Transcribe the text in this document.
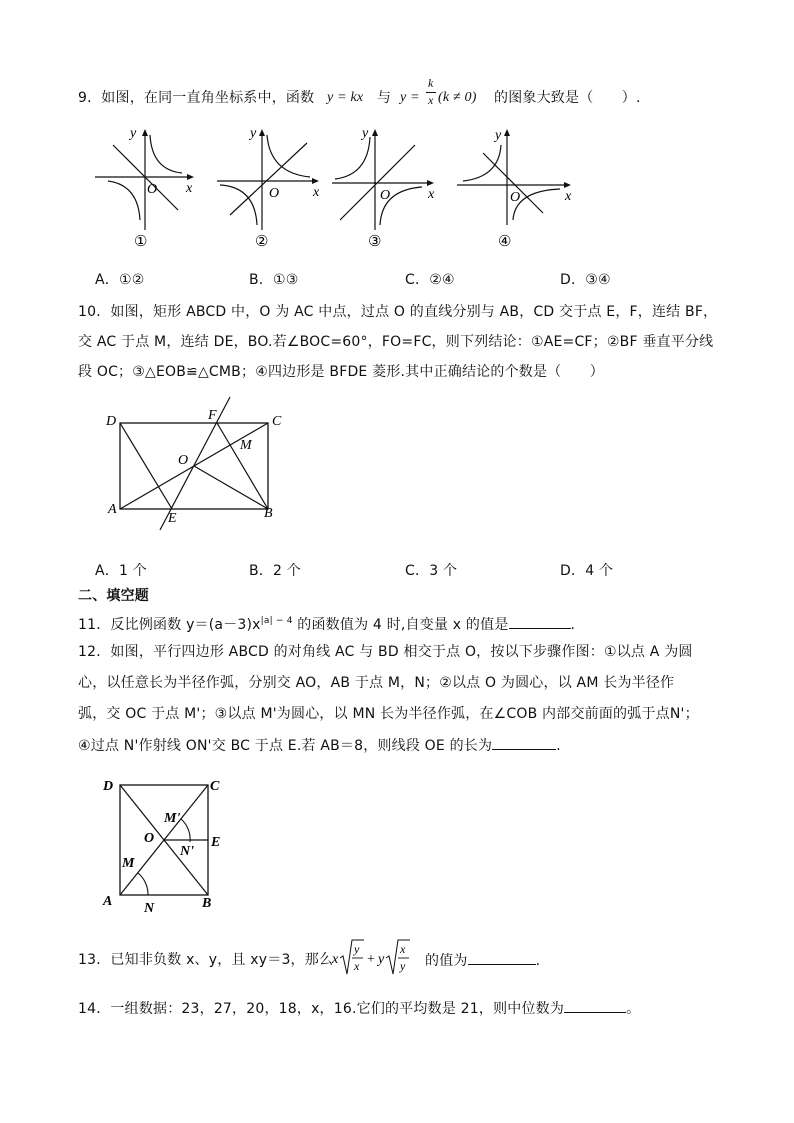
9．如图，在同一直角坐标系中，函数 y = kx 与 y =
k
x (k ≠ 0) 的图象大致是（　　）.
O x
y
①
O x
y
②
O	x
y
③
O	x
y
④
A．①②	B．①③	C．②④	D．③④
10．如图，矩形 ABCD 中，O 为 AC 中点，过点 O 的直线分别与 AB，CD 交于点 E，F，连结 BF，
交 AC 于点 M，连结 DE，BO.若∠BOC=60°，FO=FC，则下列结论：①AE=CF；②BF 垂直平分线
段 OC；③△EOB≌△CMB；④四边形是 BFDE 菱形.其中正确结论的个数是（　　）
D	F	C
M
O
A
E	B
A．1 个	B．2 个	C．3 个	D．4 个
二、填空题
11．反比例函数 $y=(a-3)x^{|a| - 4}$ 的函数值为 4 时,自变量 x 的值是	.
12．如图，平行四边形 ABCD 的对角线 AC 与 BD 相交于点 O，按以下步骤作图：①以点 A 为圆
心，以任意长为半径作弧，分别交 AO，AB 于点 M，N；②以点 O 为圆心，以 AM 长为半径作
弧，交 OC 于点 M'；③以点 M'为圆心，以 MN 长为半径作弧，在∠COB 内部交前面的弧于点N'；
④过点 N'作射线 ON'交 BC 于点 E.若 AB＝8，则线段 OE 的长为	.
D	C
M'
O	E
N'
M
A N	B
13．已知非负数 x、y，且 xy＝3，那么
x
y
x + y
x
y 的值为	.
14．一组数据：23，27，20，18，x，16.它们的平均数是 21，则中位数为	。
